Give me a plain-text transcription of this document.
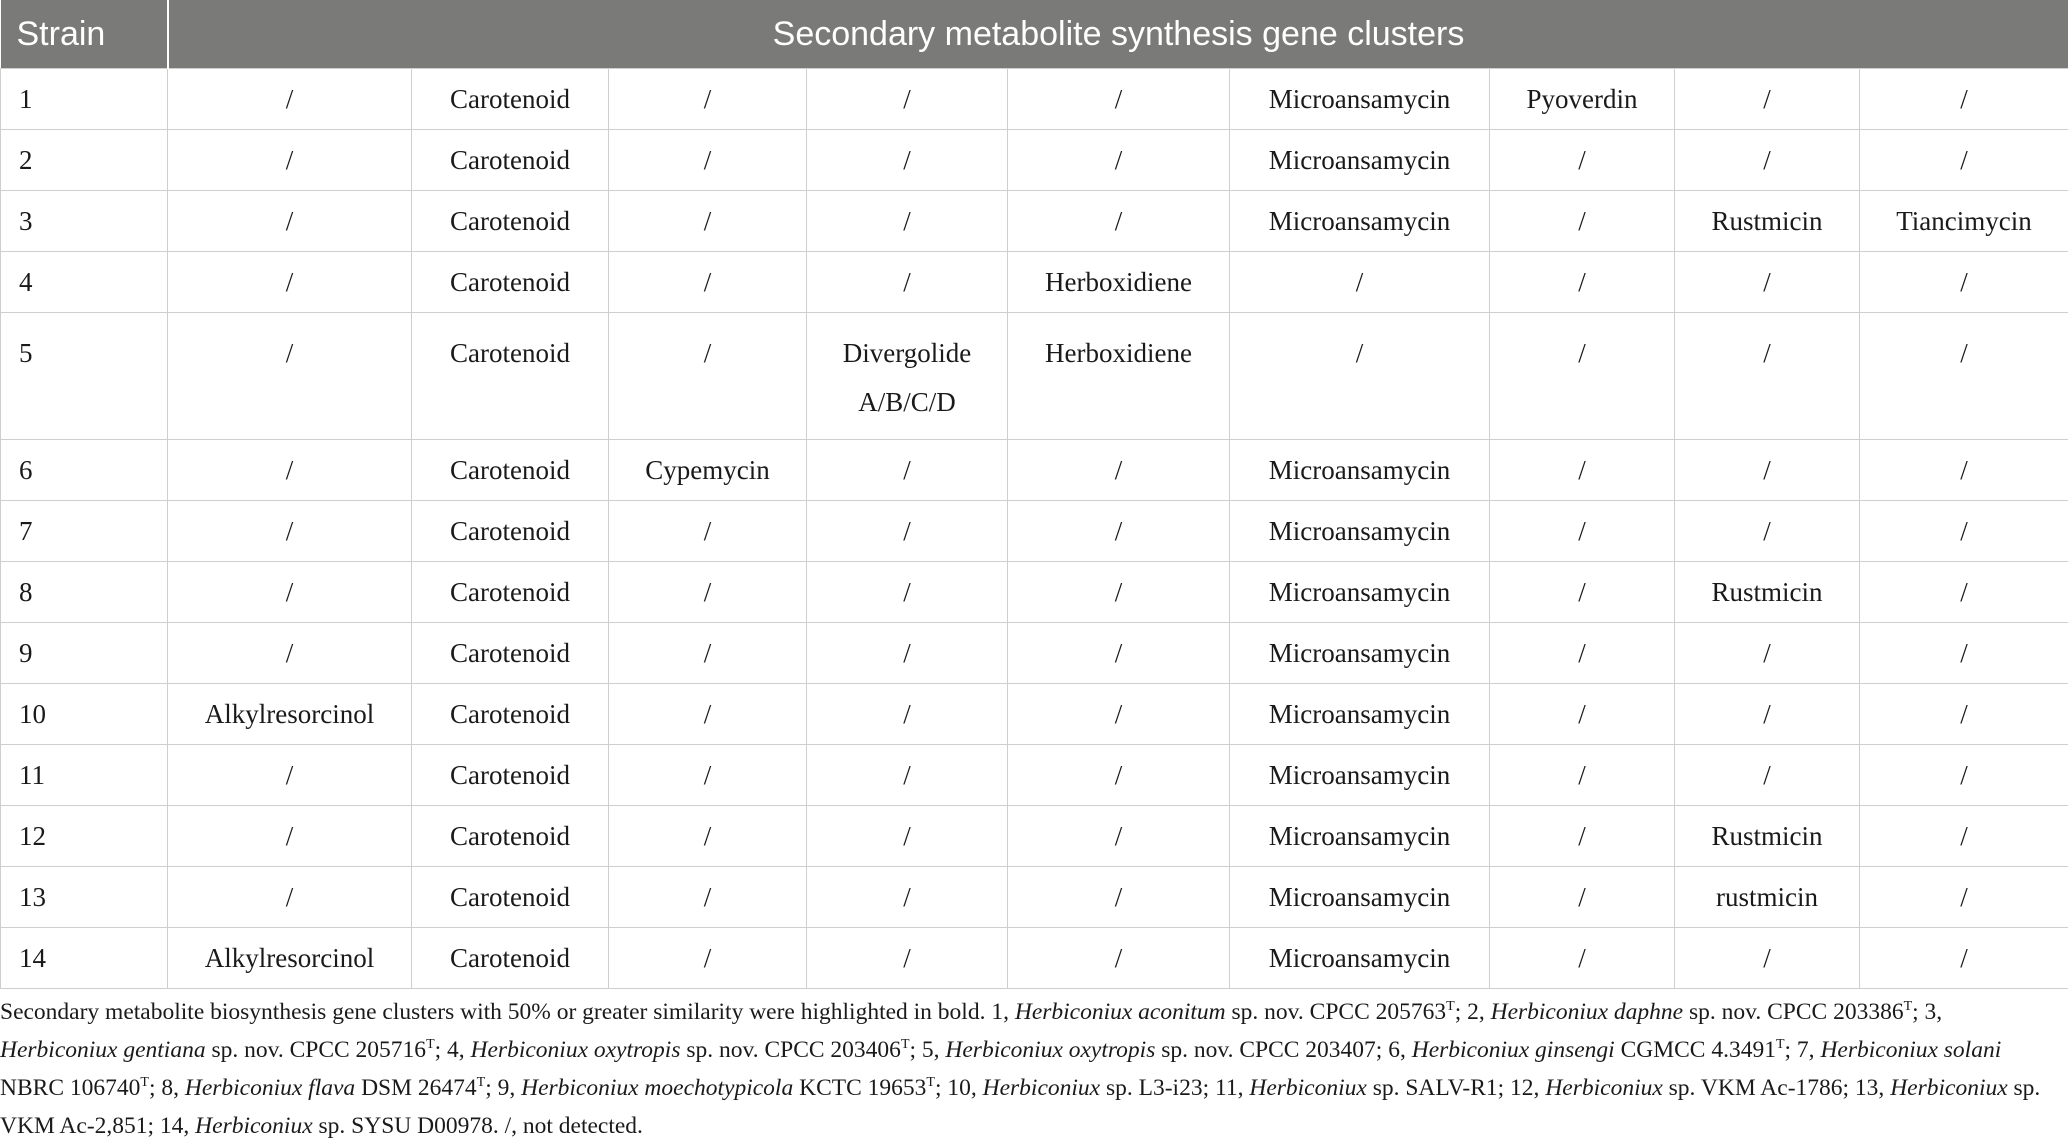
Strain	Secondary metabolite synthesis gene clusters								
1	/	Carotenoid	/	/	/	Microansamycin	Pyoverdin	/	/
2	/	Carotenoid	/	/	/	Microansamycin	/	/	/
3	/	Carotenoid	/	/	/	Microansamycin	/	Rustmicin	Tiancimycin
4	/	Carotenoid	/	/	Herboxidiene	/	/	/	/
5	/	Carotenoid	/	Divergolide A/B/C/D	Herboxidiene	/	/	/	/
6	/	Carotenoid	Cypemycin	/	/	Microansamycin	/	/	/
7	/	Carotenoid	/	/	/	Microansamycin	/	/	/
8	/	Carotenoid	/	/	/	Microansamycin	/	Rustmicin	/
9	/	Carotenoid	/	/	/	Microansamycin	/	/	/
10	Alkylresorcinol	Carotenoid	/	/	/	Microansamycin	/	/	/
11	/	Carotenoid	/	/	/	Microansamycin	/	/	/
12	/	Carotenoid	/	/	/	Microansamycin	/	Rustmicin	/
13	/	Carotenoid	/	/	/	Microansamycin	/	rustmicin	/
14	Alkylresorcinol	Carotenoid	/	/	/	Microansamycin	/	/	/
Secondary metabolite biosynthesis gene clusters with 50% or greater similarity were highlighted in bold. 1, Herbiconiux aconitum sp. nov. CPCC $205763^T$; 2, Herbiconiux daphne sp. nov. CPCC $203386^T$; 3, Herbiconiux gentiana sp. nov. CPCC $205716^T$; 4, Herbiconiux oxytropis sp. nov. CPCC $203406^T$; 5, Herbiconiux oxytropis sp. nov. CPCC 203407; 6, Herbiconiux ginsengi CGMCC $4.3491^T$; 7, Herbiconiux solani NBRC $106740^T$; 8, Herbiconiux flava DSM $26474^T$; 9, Herbiconiux moechotypicola KCTC $19653^T$; 10, Herbiconiux sp. L3-i23; 11, Herbiconiux sp. SALV-R1; 12, Herbiconiux sp. VKM Ac-1786; 13, Herbiconiux sp. VKM Ac-2,851; 14, Herbiconiux sp. SYSU D00978. /, not detected.
